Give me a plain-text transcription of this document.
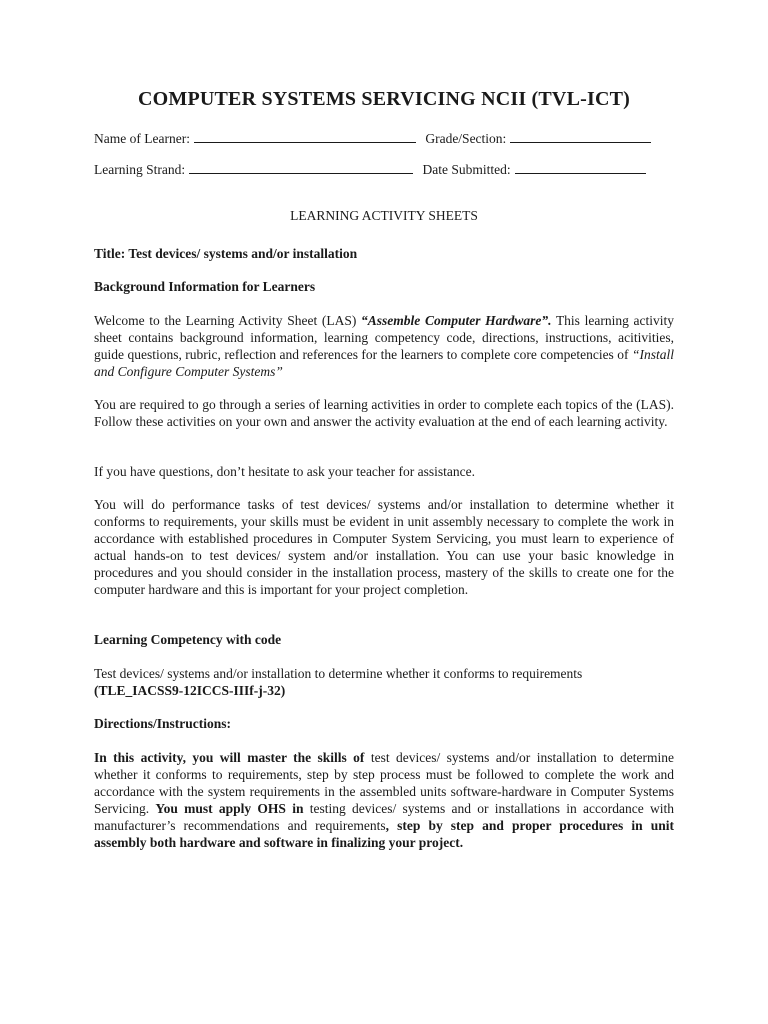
COMPUTER SYSTEMS SERVICING NCII (TVL-ICT)
Name of Learner:	Grade/Section:
Learning Strand:	Date Submitted:
LEARNING ACTIVITY SHEETS
Title: Test devices/ systems and/or installation
Background Information for Learners
Welcome to the Learning Activity Sheet (LAS) “Assemble Computer Hardware”. This learning activity sheet contains background information, learning competency code, directions, instructions, acitivities, guide questions, rubric, reflection and references for the learners to complete core competencies of “Install and Configure Computer Systems”
You are required to go through a series of learning activities in order to complete each topics of the (LAS). Follow these activities on your own and answer the activity evaluation at the end of each learning activity.
If you have questions, don’t hesitate to ask your teacher for assistance.
You will do performance tasks of test devices/ systems and/or installation to determine whether it conforms to requirements, your skills must be evident in unit assembly necessary to complete the work in accordance with established procedures in Computer System Servicing, you must learn to experience of actual hands-on to test devices/ system and/or installation. You can use your basic knowledge in procedures and you should consider in the installation process, mastery of the skills to create one for the computer hardware and this is important for your project completion.
Learning Competency with code
Test devices/ systems and/or installation to determine whether it conforms to requirements
(TLE_IACSS9-12ICCS-IIIf-j-32)
Directions/Instructions:
In this activity, you will master the skills of test devices/ systems and/or installation to determine whether it conforms to requirements, step by step process must be followed to complete the work and accordance with the system requirements in the assembled units software-hardware in Computer Systems Servicing. You must apply OHS in testing devices/ systems and or installations in accordance with manufacturer’s recommendations and requirements, step by step and proper procedures in unit assembly both hardware and software in finalizing your project.
